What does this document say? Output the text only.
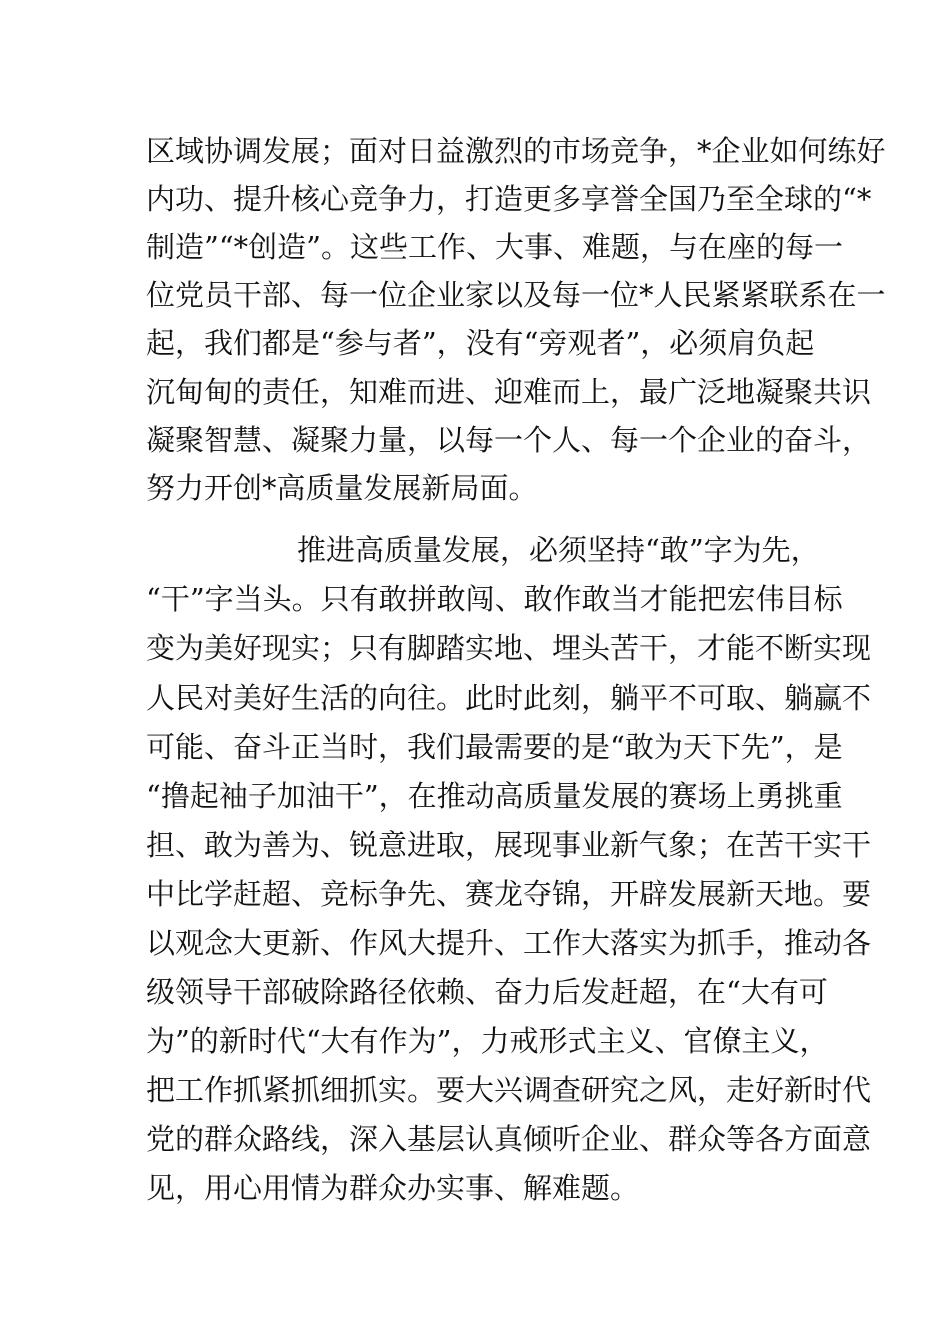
区域协调发展；面对日益激烈的市场竞争，*企业如何练好
内功、提升核心竞争力，打造更多享誉全国乃至全球的“*
制造”“*创造”。这些工作、大事、难题，与在座的每一
位党员干部、每一位企业家以及每一位*人民紧紧联系在一
起，我们都是“参与者”，没有“旁观者”，必须肩负起
沉甸甸的责任，知难而进、迎难而上，最广泛地凝聚共识
凝聚智慧、凝聚力量，以每一个人、每一个企业的奋斗，
努力开创*高质量发展新局面。
推进高质量发展，必须坚持“敢”字为先，
“干”字当头。只有敢拼敢闯、敢作敢当才能把宏伟目标
变为美好现实；只有脚踏实地、埋头苦干，才能不断实现
人民对美好生活的向往。此时此刻，躺平不可取、躺赢不
可能、奋斗正当时，我们最需要的是“敢为天下先”，是
“撸起袖子加油干”，在推动高质量发展的赛场上勇挑重
担、敢为善为、锐意进取，展现事业新气象；在苦干实干
中比学赶超、竞标争先、赛龙夺锦，开辟发展新天地。要
以观念大更新、作风大提升、工作大落实为抓手，推动各
级领导干部破除路径依赖、奋力后发赶超，在“大有可
为”的新时代“大有作为”，力戒形式主义、官僚主义，
把工作抓紧抓细抓实。要大兴调查研究之风，走好新时代
党的群众路线，深入基层认真倾听企业、群众等各方面意
见，用心用情为群众办实事、解难题。
